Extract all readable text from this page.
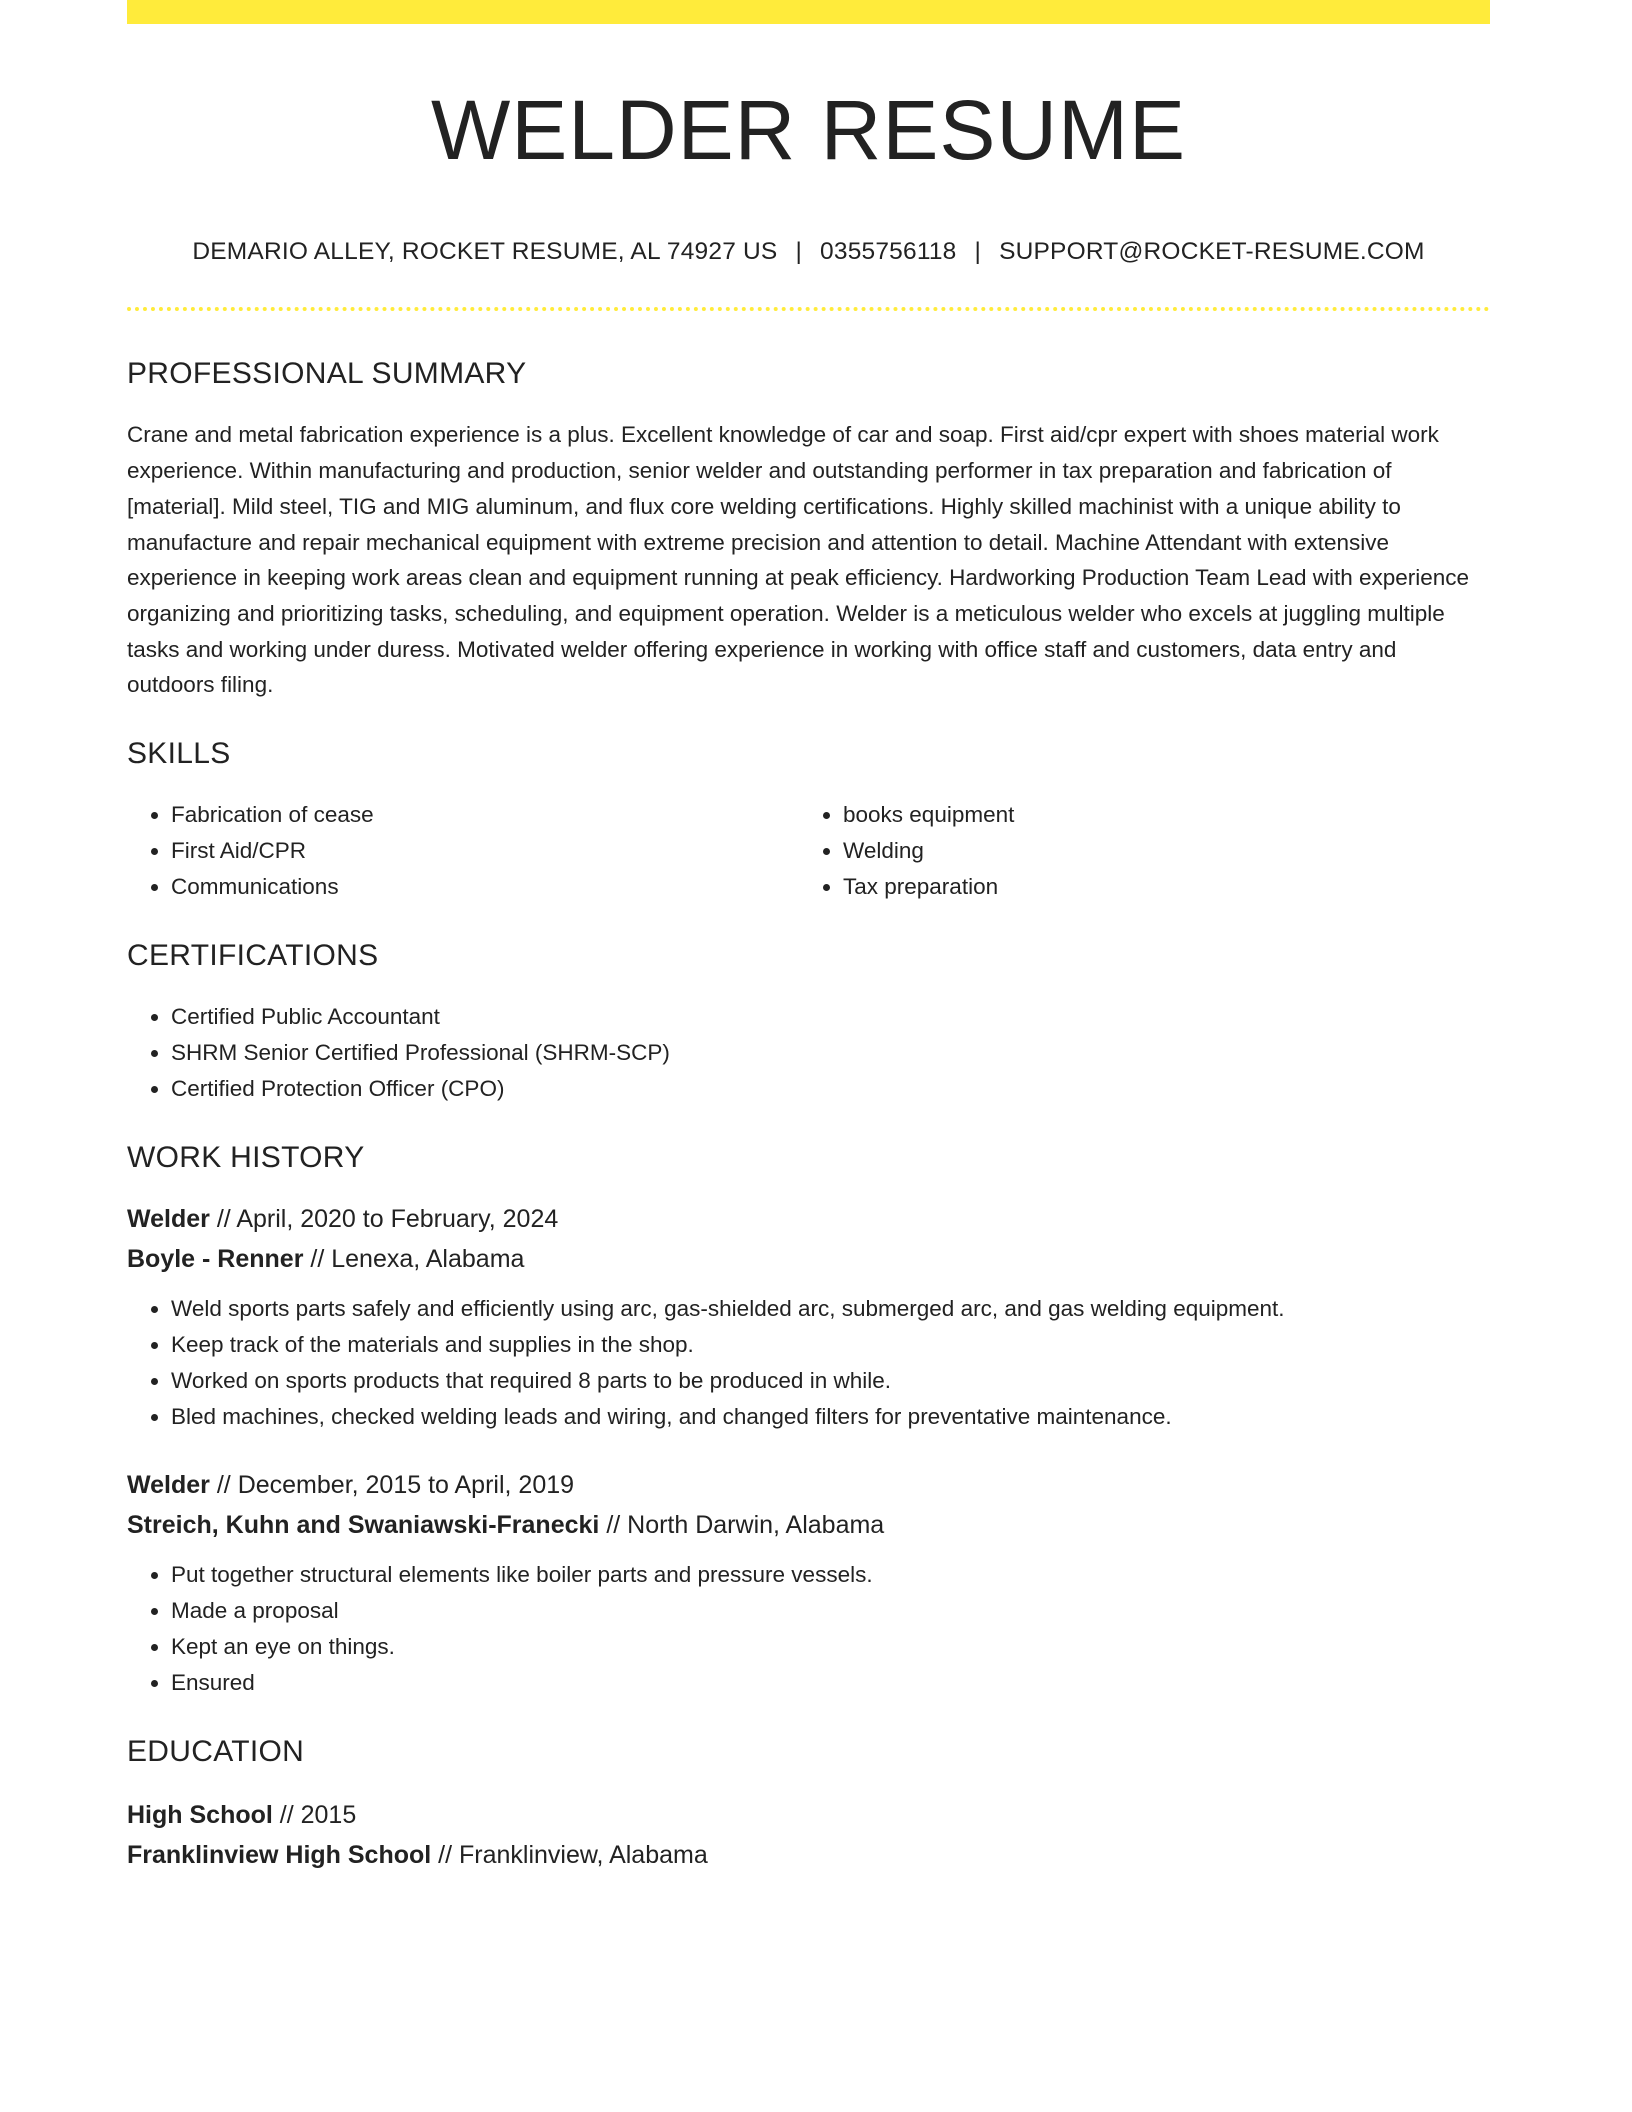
WELDER RESUME
DEMARIO ALLEY, ROCKET RESUME, AL 74927 US | 0355756118 | SUPPORT@ROCKET-RESUME.COM
PROFESSIONAL SUMMARY

Crane and metal fabrication experience is a plus. Excellent knowledge of car and soap. First aid/cpr expert with shoes material work experience. Within manufacturing and production, senior welder and outstanding performer in tax preparation and fabrication of [material]. Mild steel, TIG and MIG aluminum, and flux core welding certifications. Highly skilled machinist with a unique ability to manufacture and repair mechanical equipment with extreme precision and attention to detail. Machine Attendant with extensive experience in keeping work areas clean and equipment running at peak efficiency. Hardworking Production Team Lead with experience organizing and prioritizing tasks, scheduling, and equipment operation. Welder is a meticulous welder who excels at juggling multiple tasks and working under duress. Motivated welder offering experience in working with office staff and customers, data entry and outdoors filing.

SKILLS
• Fabrication of cease
• First Aid/CPR
• Communications
• books equipment
• Welding
• Tax preparation
CERTIFICATIONS
• Certified Public Accountant
• SHRM Senior Certified Professional (SHRM-SCP)
• Certified Protection Officer (CPO)
WORK HISTORY
Welder // April, 2020 to February, 2024
Boyle - Renner // Lenexa, Alabama
• Weld sports parts safely and efficiently using arc, gas-shielded arc, submerged arc, and gas welding equipment.
• Keep track of the materials and supplies in the shop.
• Worked on sports products that required 8 parts to be produced in while.
• Bled machines, checked welding leads and wiring, and changed filters for preventative maintenance.
Welder // December, 2015 to April, 2019
Streich, Kuhn and Swaniawski-Franecki // North Darwin, Alabama
• Put together structural elements like boiler parts and pressure vessels.
• Made a proposal
• Kept an eye on things.
• Ensured
EDUCATION
High School // 2015
Franklinview High School // Franklinview, Alabama
